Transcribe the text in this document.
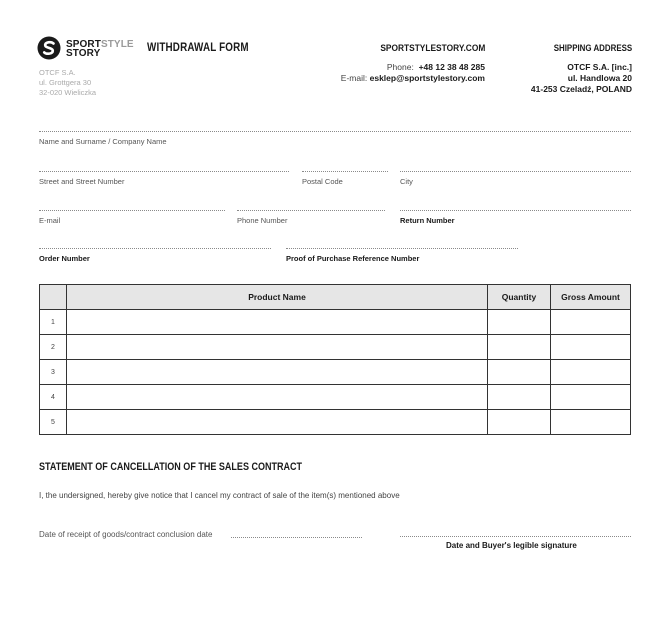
SPORTSTYLE
STORY
OTCF S.A.
ul. Grottgera 30
32-020 Wieliczka
WITHDRAWAL FORM	SPORTSTYLESTORY.COM
Phone: +48 12 38 48 285
E-mail: esklep@sportstylestory.com
SHIPPING ADDRESS
OTCF S.A. [inc.]
ul. Handlowa 20
41-253 Czeladź, POLAND
Name and Surname / Company Name
Street and Street Number	Postal Code	City
E-mail	Phone Number	Return Number
Order Number	Proof of Purchase Reference Number
	Product Name	Quantity	Gross Amount
1			
2			
3			
4			
5			
STATEMENT OF CANCELLATION OF THE SALES CONTRACT
I, the undersigned, hereby give notice that I cancel my contract of sale of the item(s) mentioned above
Date of receipt of goods/contract conclusion date
Date and Buyer's legible signature
